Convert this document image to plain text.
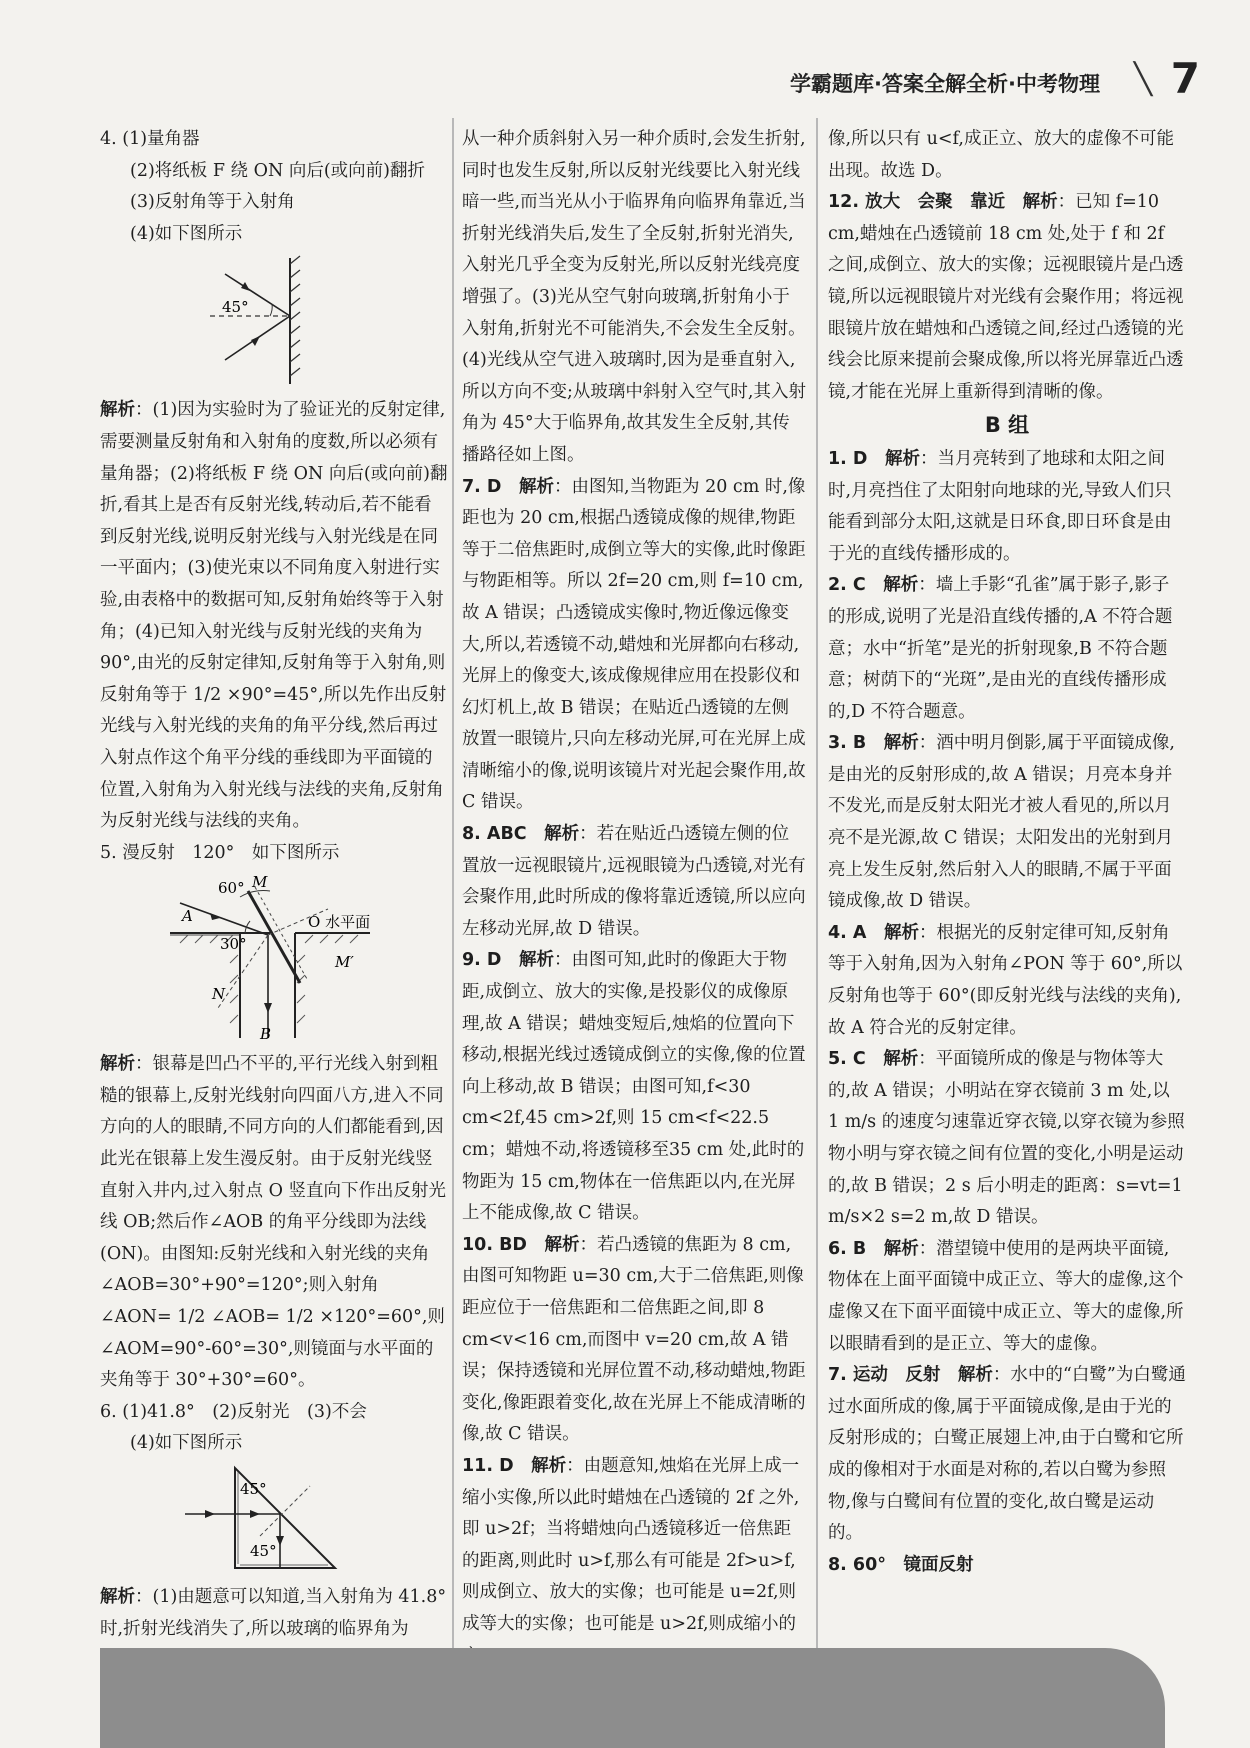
学霸题库·答案全解全析·中考物理 ╲ 7

4. (1)量角器

(2)将纸板 F 绕 ON 向后(或向前)翻折

(3)反射角等于入射角

(4)如下图所示

45°

解析：(1)因为实验时为了验证光的反射定律,需要测量反射角和入射角的度数,所以必须有量角器；(2)将纸板 F 绕 ON 向后(或向前)翻折,看其上是否有反射光线,转动后,若不能看到反射光线,说明反射光线与入射光线是在同一平面内；(3)使光束以不同角度入射进行实验,由表格中的数据可知,反射角始终等于入射角；(4)已知入射光线与反射光线的夹角为 90°,由光的反射定律知,反射角等于入射角,则反射角等于 1/2 ×90°=45°,所以先作出反射光线与入射光线的夹角的角平分线,然后再过入射点作这个角平分线的垂线即为平面镜的位置,入射角为入射光线与法线的夹角,反射角为反射光线与法线的夹角。

5. 漫反射　120°　如下图所示

60° M
A	O 水平面
30°
M′
N
B

解析：银幕是凹凸不平的,平行光线入射到粗糙的银幕上,反射光线射向四面八方,进入不同方向的人的眼睛,不同方向的人们都能看到,因此光在银幕上发生漫反射。由于反射光线竖直射入井内,过入射点 O 竖直向下作出反射光线 OB;然后作∠AOB 的角平分线即为法线(ON)。由图知:反射光线和入射光线的夹角∠AOB=30°+90°=120°;则入射角∠AON= 1/2 ∠AOB= 1/2 ×120°=60°,则∠AOM=90°-60°=30°,则镜面与水平面的夹角等于 30°+30°=60°。

6. (1)41.8°　(2)反射光　(3)不会

(4)如下图所示

45°
45°

解析：(1)由题意可以知道,当入射角为 41.8°时,折射光线消失了,所以玻璃的临界角为

从一种介质斜射入另一种介质时,会发生折射,同时也发生反射,所以反射光线要比入射光线暗一些,而当光从小于临界角向临界角靠近,当折射光线消失后,发生了全反射,折射光消失,入射光几乎全变为反射光,所以反射光线亮度增强了。(3)光从空气射向玻璃,折射角小于入射角,折射光不可能消失,不会发生全反射。(4)光线从空气进入玻璃时,因为是垂直射入,所以方向不变;从玻璃中斜射入空气时,其入射角为 45°大于临界角,故其发生全反射,其传播路径如上图。

7. D　 解析：由图知,当物距为 20 cm 时,像距也为 20 cm,根据凸透镜成像的规律,物距等于二倍焦距时,成倒立等大的实像,此时像距与物距相等。所以 2f=20 cm,则 f=10 cm,故 A 错误；凸透镜成实像时,物近像远像变大,所以,若透镜不动,蜡烛和光屏都向右移动,光屏上的像变大,该成像规律应用在投影仪和幻灯机上,故 B 错误；在贴近凸透镜的左侧放置一眼镜片,只向左移动光屏,可在光屏上成清晰缩小的像,说明该镜片对光起会聚作用,故 C 错误。

8. ABC　 解析：若在贴近凸透镜左侧的位置放一远视眼镜片,远视眼镜为凸透镜,对光有会聚作用,此时所成的像将靠近透镜,所以应向左移动光屏,故 D 错误。

9. D　 解析：由图可知,此时的像距大于物距,成倒立、放大的实像,是投影仪的成像原理,故 A 错误；蜡烛变短后,烛焰的位置向下移动,根据光线过透镜成倒立的实像,像的位置向上移动,故 B 错误；由图可知,f<30 cm<2f,45 cm>2f,则 15 cm<f<22.5 cm；蜡烛不动,将透镜移至35 cm 处,此时的物距为 15 cm,物体在一倍焦距以内,在光屏上不能成像,故 C 错误。

10. BD　 解析：若凸透镜的焦距为 8 cm,由图可知物距 u=30 cm,大于二倍焦距,则像距应位于一倍焦距和二倍焦距之间,即 8 cm<v<16 cm,而图中 v=20 cm,故 A 错误；保持透镜和光屏位置不动,移动蜡烛,物距变化,像距跟着变化,故在光屏上不能成清晰的像,故 C 错误。

11. D　 解析：由题意知,烛焰在光屏上成一缩小实像,所以此时蜡烛在凸透镜的 2f 之外,即 u>2f；当将蜡烛向凸透镜移近一倍焦距的距离,则此时 u>f,那么有可能是 2f>u>f,则成倒立、放大的实像；也可能是 u=2f,则成等大的实像；也可能是 u>2f,则成缩小的

像,所以只有 u<f,成正立、放大的虚像不可能出现。故选 D。

12. 放大　会聚　靠近　 解析：已知 f=10 cm,蜡烛在凸透镜前 18 cm 处,处于 f 和 2f 之间,成倒立、放大的实像；远视眼镜片是凸透镜,所以远视眼镜片对光线有会聚作用；将远视眼镜片放在蜡烛和凸透镜之间,经过凸透镜的光线会比原来提前会聚成像,所以将光屏靠近凸透镜,才能在光屏上重新得到清晰的像。

B 组

1. D　 解析：当月亮转到了地球和太阳之间时,月亮挡住了太阳射向地球的光,导致人们只能看到部分太阳,这就是日环食,即日环食是由于光的直线传播形成的。

2. C　 解析：墙上手影“孔雀”属于影子,影子的形成,说明了光是沿直线传播的,A 不符合题意；水中“折笔”是光的折射现象,B 不符合题意；树荫下的“光斑”,是由光的直线传播形成的,D 不符合题意。

3. B　 解析：酒中明月倒影,属于平面镜成像,是由光的反射形成的,故 A 错误；月亮本身并不发光,而是反射太阳光才被人看见的,所以月亮不是光源,故 C 错误；太阳发出的光射到月亮上发生反射,然后射入人的眼睛,不属于平面镜成像,故 D 错误。

4. A　 解析：根据光的反射定律可知,反射角等于入射角,因为入射角∠PON 等于 60°,所以反射角也等于 60°(即反射光线与法线的夹角),故 A 符合光的反射定律。

5. C　 解析：平面镜所成的像是与物体等大的,故 A 错误；小明站在穿衣镜前 3 m 处,以 1 m/s 的速度匀速靠近穿衣镜,以穿衣镜为参照物小明与穿衣镜之间有位置的变化,小明是运动的,故 B 错误；2 s 后小明走的距离：s=vt=1 m/s×2 s=2 m,故 D 错误。

6. B　 解析：潜望镜中使用的是两块平面镜,物体在上面平面镜中成正立、等大的虚像,这个虚像又在下面平面镜中成正立、等大的虚像,所以眼睛看到的是正立、等大的虚像。

7. 运动　反射　 解析：水中的“白鹭”为白鹭通过水面所成的像,属于平面镜成像,是由于光的反射形成的；白鹭正展翅上冲,由于白鹭和它所成的像相对于水面是对称的,若以白鹭为参照物,像与白鹭间有位置的变化,故白鹭是运动的。

8. 60°　镜面反射
